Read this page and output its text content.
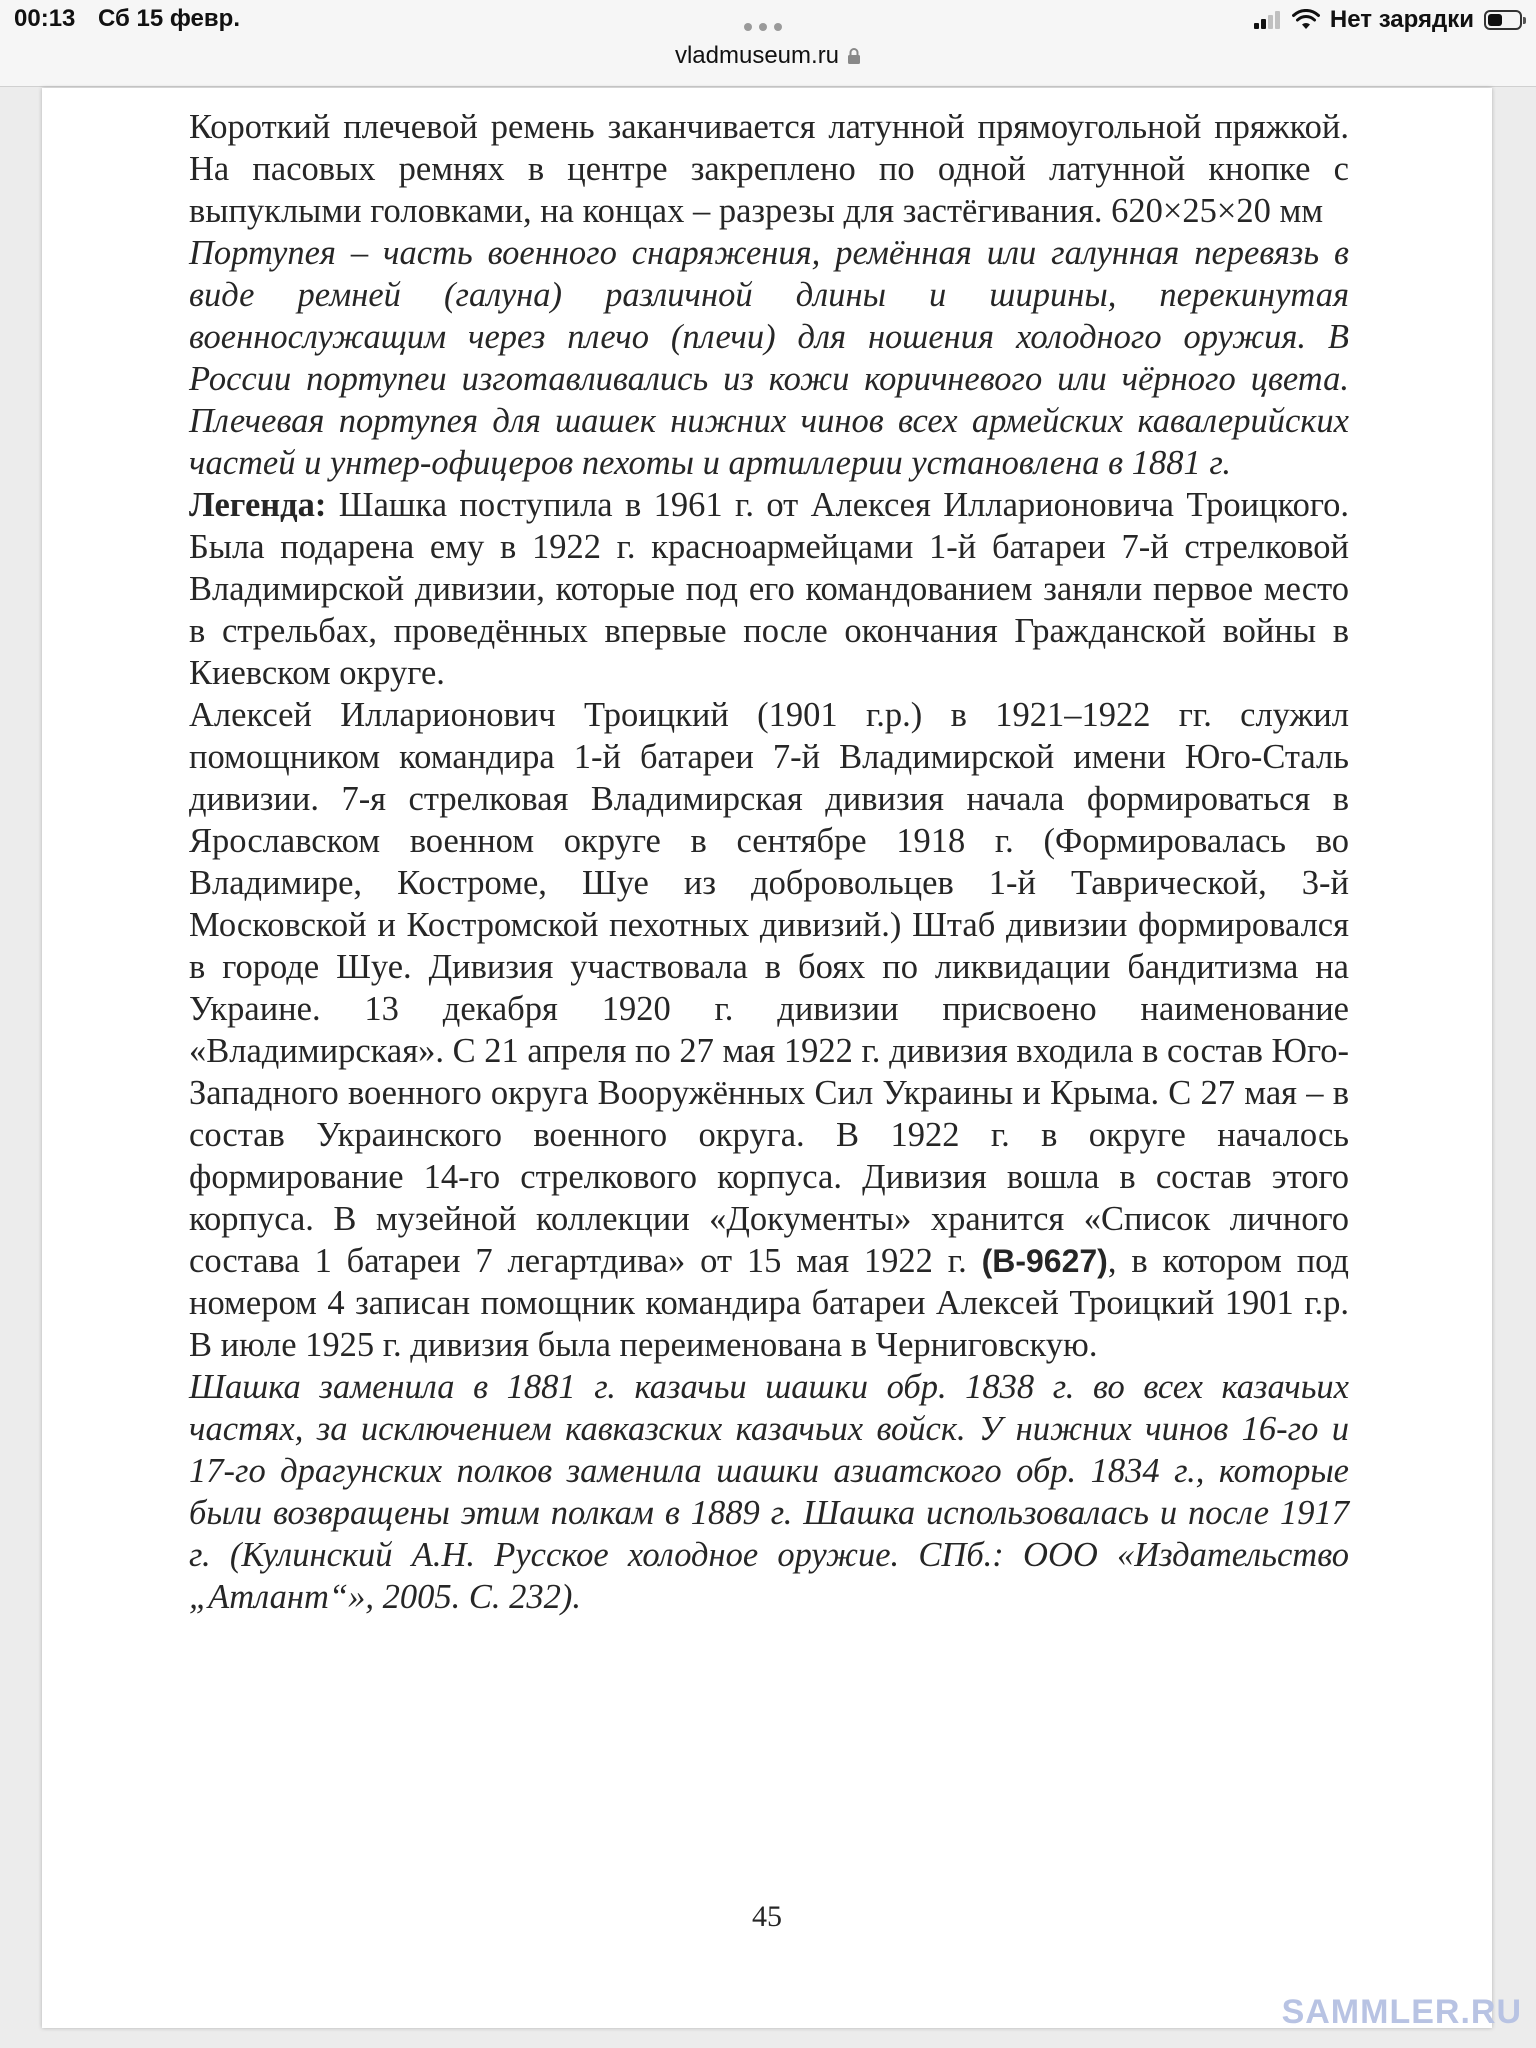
00:13 Сб 15 февр.	Нет зарядки
vladmuseum.ru

Короткий плечевой ремень заканчивается латунной прямоугольной пряжкой. На пасовых ремнях в центре закреплено по одной латунной кнопке с выпуклыми головками, на концах – разрезы для застёгивания. 620×25×20 мм

Портупея – часть военного снаряжения, ремённая или галунная перевязь в виде ремней (галуна) различной длины и ширины, перекинутая военнослужащим через плечо (плечи) для ношения холодного оружия. В России портупеи изготавливались из кожи коричневого или чёрного цвета. Плечевая портупея для шашек нижних чинов всех армейских кавалерийских частей и унтер-офицеров пехоты и артиллерии установлена в 1881 г.

Легенда: Шашка поступила в 1961 г. от Алексея Илларионовича Троицкого. Была подарена ему в 1922 г. красноармейцами 1-й батареи 7-й стрелковой Владимирской дивизии, которые под его командованием заняли первое место в стрельбах, проведённых впервые после окончания Гражданской войны в Киевском округе.

Алексей Илларионович Троицкий (1901 г.р.) в 1921–1922 гг. служил помощником командира 1-й батареи 7-й Владимирской имени Юго-Сталь дивизии. 7-я стрелковая Владимирская дивизия начала формироваться в Ярославском военном округе в сентябре 1918 г. (Формировалась во Владимире, Костроме, Шуе из добровольцев 1-й Таврической, 3-й Московской и Костромской пехотных дивизий.) Штаб дивизии формировался в городе Шуе. Дивизия участвовала в боях по ликвидации бандитизма на Украине. 13 декабря 1920 г. дивизии присвоено наименование «Владимирская». С 21 апреля по 27 мая 1922 г. дивизия входила в состав Юго-Западного военного округа Вооружённых Сил Украины и Крыма. С 27 мая – в состав Украинского военного округа. В 1922 г. в округе началось формирование 14-го стрелкового корпуса. Дивизия вошла в состав этого корпуса. В музейной коллекции «Документы» хранится «Список личного состава 1 батареи 7 легартдива» от 15 мая 1922 г. (В-9627), в котором под номером 4 записан помощник командира батареи Алексей Троицкий 1901 г.р. В июле 1925 г. дивизия была переименована в Черниговскую.

Шашка заменила в 1881 г. казачьи шашки обр. 1838 г. во всех казачьих частях, за исключением кавказских казачьих войск. У нижних чинов 16-го и 17-го драгунских полков заменила шашки азиатского обр. 1834 г., которые были возвращены этим полкам в 1889 г. Шашка использовалась и после 1917 г. (Кулинский А.Н. Русское холодное оружие. СПб.: ООО «Издательство „Атлант“», 2005. С. 232).

45
SAMMLER.RU
